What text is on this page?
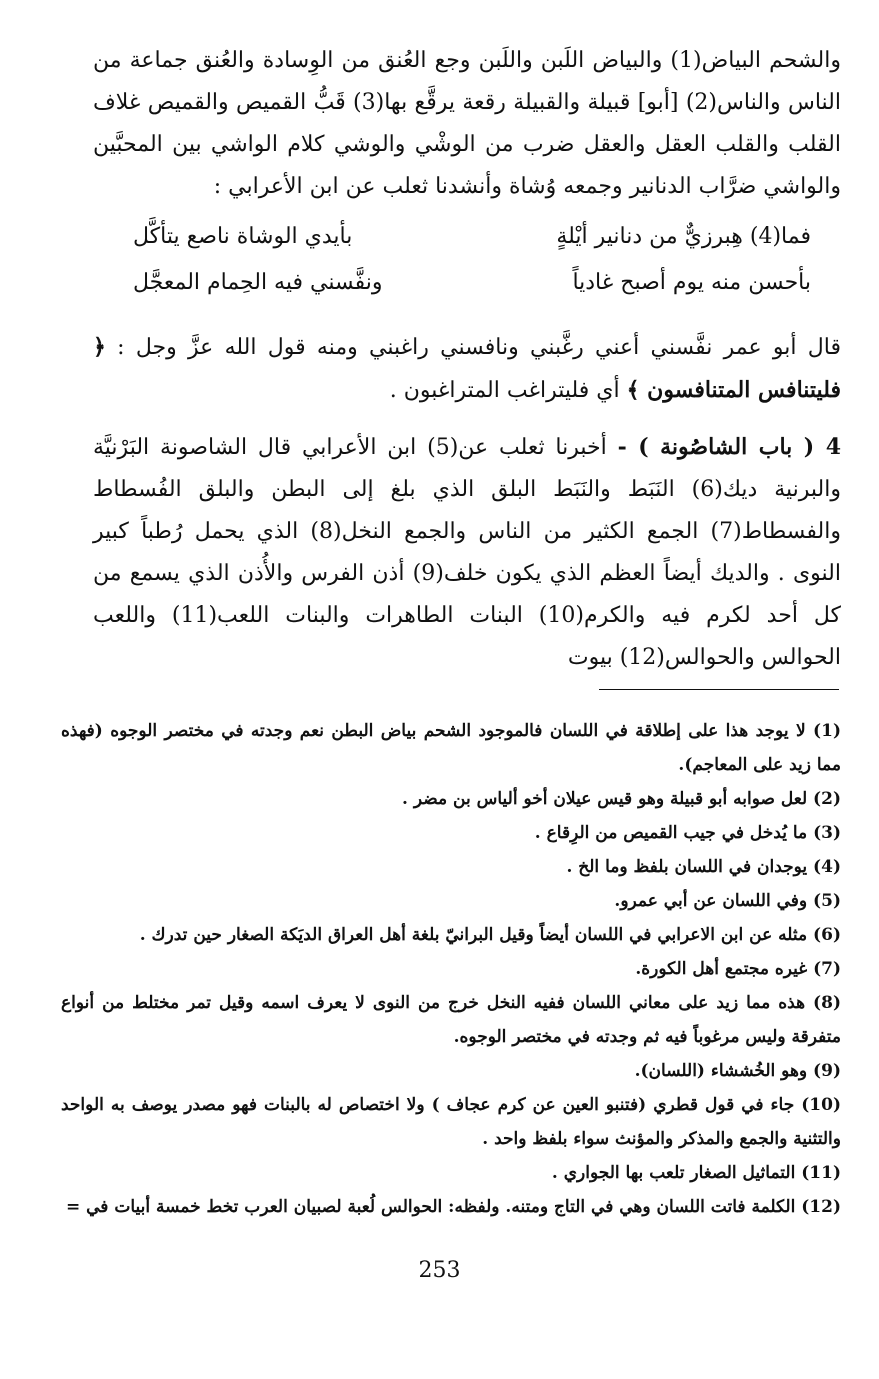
والشحم البياض(1) والبياض اللَبن واللَبن وجع العُنق من الوِسادة والعُنق جماعة من الناس والناس(2) [أبو] قبيلة والقبيلة رقعة يرقَّع بها(3) قَبُّ القميص والقميص غلاف القلب والقلب العقل والعقل ضرب من الوشْي والوشي كلام الواشي بين المحبَّين والواشي ضرَّاب الدنانير وجمعه وُشاة وأنشدنا ثعلب عن ابن الأعرابي :

فما(4) هِبرزيٌّ من دنانير أيْلةٍ
بأيدي الوشاة ناصع يتأكَّل
بأحسن منه يوم أصبح غادياً
ونفَّسني فيه الحِمام المعجَّل

قال أبو عمر نفَّسني أعني رغَّبني ونافسني راغبني ومنه قول الله عزَّ وجل : ﴿ فليتنافس المتنافسون ﴾ أي فليتراغب المتراغبون .

4 ( باب الشاصُونة ) - أخبرنا ثعلب عن(5) ابن الأعرابي قال الشاصونة البَرْنيَّة والبرنية ديك(6) النَبَط والنَبَط البلق الذي بلغ إلى البطن والبلق الفُسطاط والفسطاط(7) الجمع الكثير من الناس والجمع النخل(8) الذي يحمل رُطباً كبير النوى . والديك أيضاً العظم الذي يكون خلف(9) أذن الفرس والأُذن الذي يسمع من كل أحد لكرم فيه والكرم(10) البنات الطاهرات والبنات اللعب(11) واللعب الحوالس والحوالس(12) بيوت

(1) لا يوجد هذا على إطلاقة في اللسان فالموجود الشحم بياض البطن نعم وجدته في مختصر الوجوه (فهذه مما زيد على المعاجم).

(2) لعل صوابه أبو قبيلة وهو قيس عيلان أخو ألياس بن مضر .

(3) ما يُدخل في جيب القميص من الرِقاع .

(4) يوجدان في اللسان بلفظ وما الخ .

(5) وفي اللسان عن أبي عمرو.

(6) مثله عن ابن الاعرابي في اللسان أيضاً وقيل البرانيّ بلغة أهل العراق الديَكة الصغار حين تدرك .

(7) غيره مجتمع أهل الكورة.

(8) هذه مما زيد على معاني اللسان ففيه النخل خرج من النوى لا يعرف اسمه وقيل تمر مختلط من أنواع متفرقة وليس مرغوباً فيه ثم وجدته في مختصر الوجوه.

(9) وهو الخُششاء (اللسان).

(10) جاء في قول قطري (فتنبو العين عن كرم عجاف ) ولا اختصاص له بالبنات فهو مصدر يوصف به الواحد والتثنية والجمع والمذكر والمؤنث سواء بلفظ واحد .

(11) التماثيل الصغار تلعب بها الجواري .

(12) الكلمة فاتت اللسان وهي في التاج ومتنه. ولفظه: الحوالس لُعبة لصبيان العرب تخط خمسة أبيات في =

253
